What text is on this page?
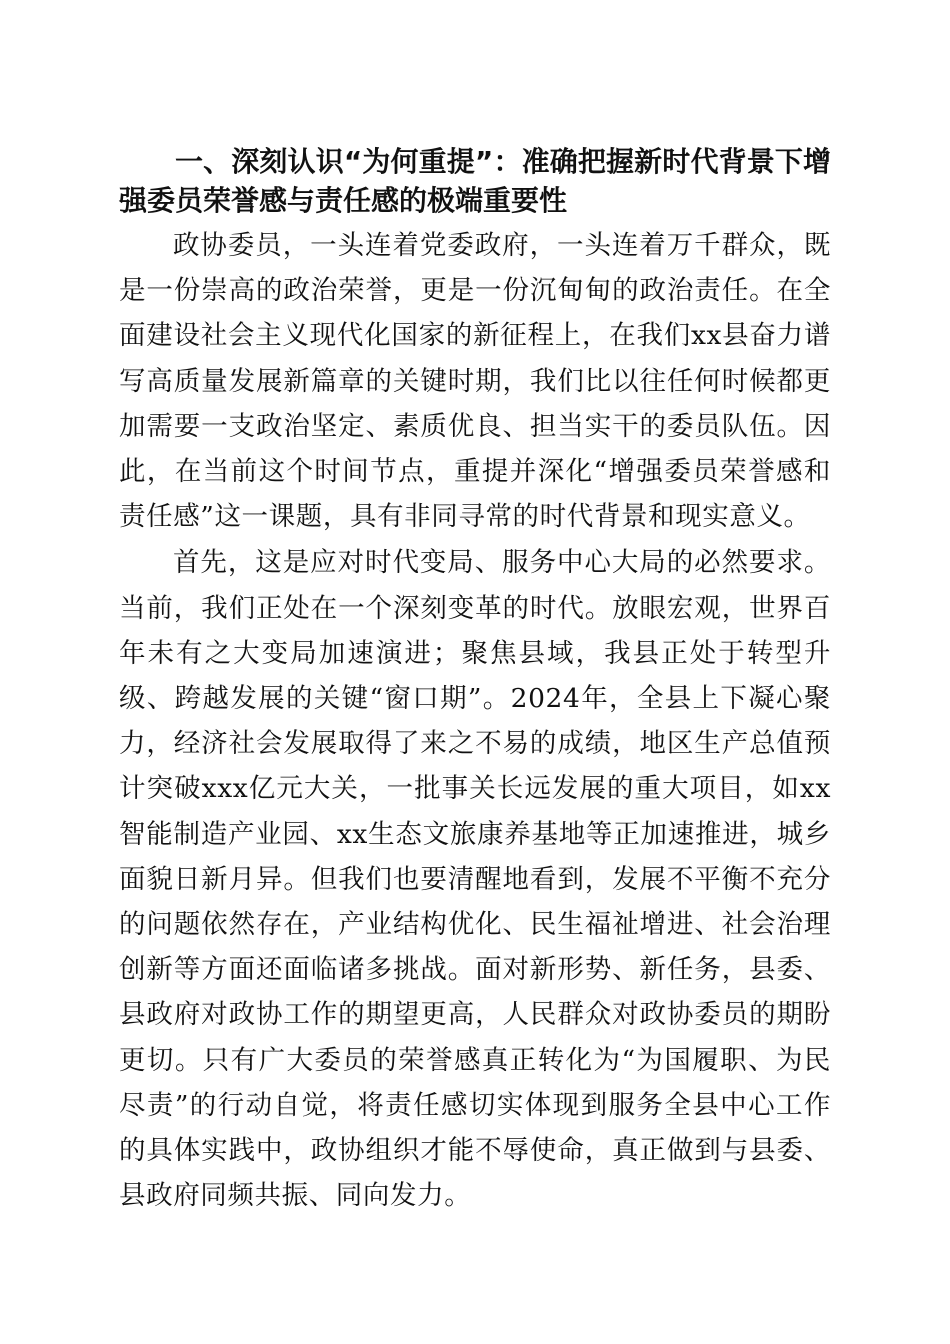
一、深刻认识“为何重提”：准确把握新时代背景下增强委员荣誉感与责任感的极端重要性

政协委员，一头连着党委政府，一头连着万千群众，既是一份崇高的政治荣誉，更是一份沉甸甸的政治责任。在全面建设社会主义现代化国家的新征程上，在我们xx县奋力谱写高质量发展新篇章的关键时期，我们比以往任何时候都更加需要一支政治坚定、素质优良、担当实干的委员队伍。因此，在当前这个时间节点，重提并深化“增强委员荣誉感和责任感”这一课题，具有非同寻常的时代背景和现实意义。

首先，这是应对时代变局、服务中心大局的必然要求。当前，我们正处在一个深刻变革的时代。放眼宏观，世界百年未有之大变局加速演进；聚焦县域，我县正处于转型升级、跨越发展的关键“窗口期”。2024年，全县上下凝心聚力，经济社会发展取得了来之不易的成绩，地区生产总值预计突破xxx亿元大关，一批事关长远发展的重大项目，如xx智能制造产业园、xx生态文旅康养基地等正加速推进，城乡面貌日新月异。但我们也要清醒地看到，发展不平衡不充分的问题依然存在，产业结构优化、民生福祉增进、社会治理创新等方面还面临诸多挑战。面对新形势、新任务，县委、县政府对政协工作的期望更高，人民群众对政协委员的期盼更切。只有广大委员的荣誉感真正转化为“为国履职、为民尽责”的行动自觉，将责任感切实体现到服务全县中心工作的具体实践中，政协组织才能不辱使命，真正做到与县委、县政府同频共振、同向发力。
